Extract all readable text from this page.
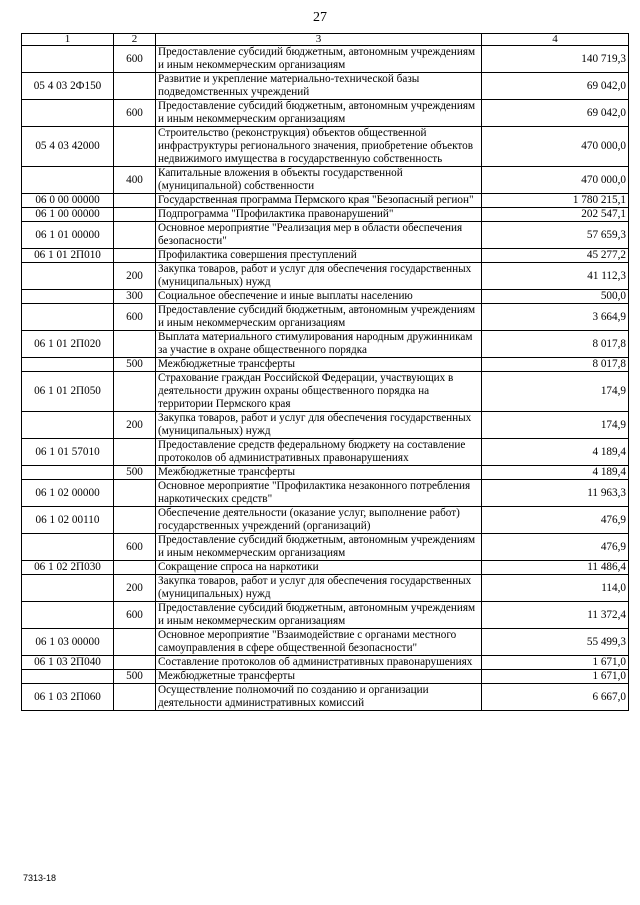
27
1	2	3	4
	600	Предоставление субсидий бюджетным, автономным учреждениям и иным некоммерческим организациям	140 719,3
05 4 03 2Ф150		Развитие и укрепление материально-технической базы подведомственных учреждений	69 042,0
	600	Предоставление субсидий бюджетным, автономным учреждениям и иным некоммерческим организациям	69 042,0
05 4 03 42000		Строительство (реконструкция) объектов общественной инфраструктуры регионального значения, приобретение объектов недвижимого имущества в государственную собственность	470 000,0
	400	Капитальные вложения в объекты государственной (муниципальной) собственности	470 000,0
06 0 00 00000		Государственная программа Пермского края "Безопасный регион"	1 780 215,1
06 1 00 00000		Подпрограмма "Профилактика правонарушений"	202 547,1
06 1 01 00000		Основное мероприятие "Реализация мер в области обеспечения безопасности"	57 659,3
06 1 01 2П010		Профилактика совершения преступлений	45 277,2
	200	Закупка товаров, работ и услуг для обеспечения государственных (муниципальных) нужд	41 112,3
	300	Социальное обеспечение и иные выплаты населению	500,0
	600	Предоставление субсидий бюджетным, автономным учреждениям и иным некоммерческим организациям	3 664,9
06 1 01 2П020		Выплата материального стимулирования народным дружинникам за участие в охране общественного порядка	8 017,8
	500	Межбюджетные трансферты	8 017,8
06 1 01 2П050		Страхование граждан Российской Федерации, участвующих в деятельности дружин охраны общественного порядка на территории Пермского края	174,9
	200	Закупка товаров, работ и услуг для обеспечения государственных (муниципальных) нужд	174,9
06 1 01 57010		Предоставление средств федеральному бюджету на составление протоколов об административных правонарушениях	4 189,4
	500	Межбюджетные трансферты	4 189,4
06 1 02 00000		Основное мероприятие "Профилактика незаконного потребления наркотических средств"	11 963,3
06 1 02 00110		Обеспечение деятельности (оказание услуг, выполнение работ) государственных учреждений (организаций)	476,9
	600	Предоставление субсидий бюджетным, автономным учреждениям и иным некоммерческим организациям	476,9
06 1 02 2П030		Сокращение спроса на наркотики	11 486,4
	200	Закупка товаров, работ и услуг для обеспечения государственных (муниципальных) нужд	114,0
	600	Предоставление субсидий бюджетным, автономным учреждениям и иным некоммерческим организациям	11 372,4
06 1 03 00000		Основное мероприятие "Взаимодействие с органами местного самоуправления в сфере общественной безопасности"	55 499,3
06 1 03 2П040		Составление протоколов об административных правонарушениях	1 671,0
	500	Межбюджетные трансферты	1 671,0
06 1 03 2П060		Осуществление полномочий по созданию и организации деятельности административных комиссий	6 667,0
7313-18
